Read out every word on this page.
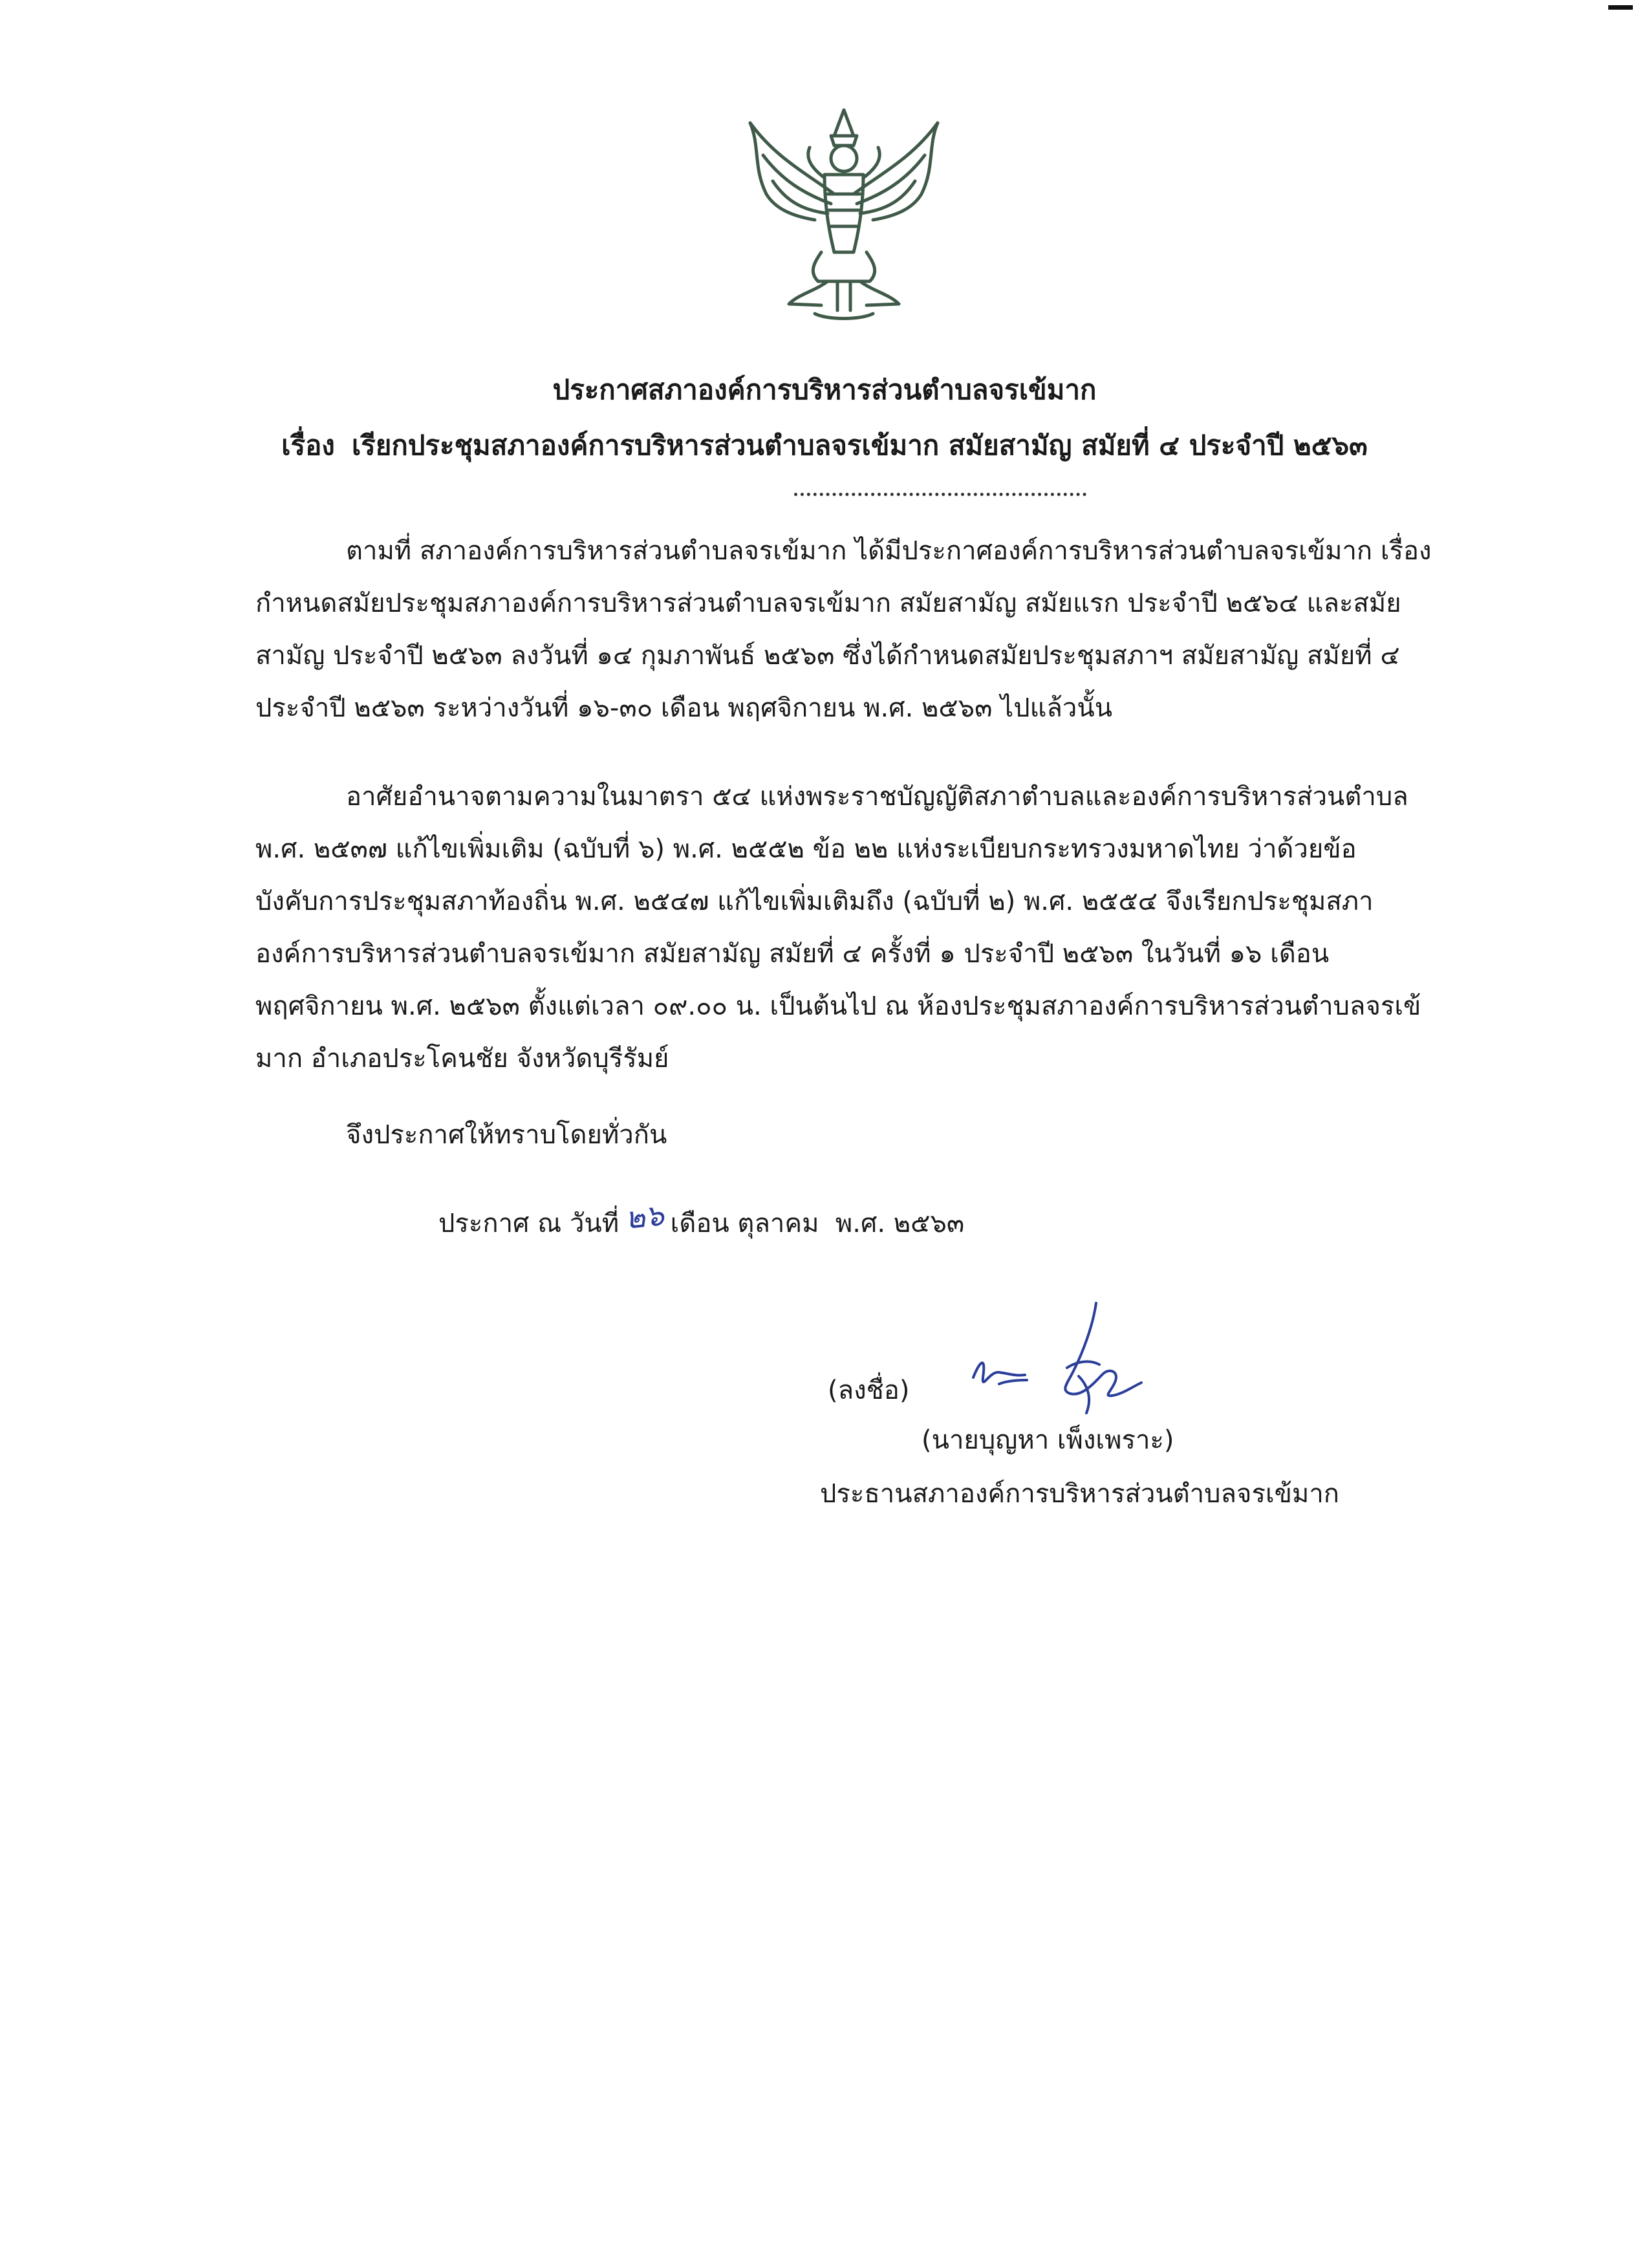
ประกาศสภาองค์การบริหารส่วนตำบลจรเข้มาก
เรื่อง เรียกประชุมสภาองค์การบริหารส่วนตำบลจรเข้มาก สมัยสามัญ สมัยที่ ๔ ประจำปี ๒๕๖๓
ตามที่ สภาองค์การบริหารส่วนตำบลจรเข้มาก ได้มีประกาศองค์การบริหารส่วนตำบลจรเข้มาก เรื่อง กำหนดสมัยประชุมสภาองค์การบริหารส่วนตำบลจรเข้มาก สมัยสามัญ สมัยแรก ประจำปี ๒๕๖๔ และสมัยสามัญ ประจำปี ๒๕๖๓ ลงวันที่ ๑๔ กุมภาพันธ์ ๒๕๖๓ ซึ่งได้กำหนดสมัยประชุมสภาฯ สมัยสามัญ สมัยที่ ๔ ประจำปี ๒๕๖๓ ระหว่างวันที่ ๑๖-๓๐ เดือน พฤศจิกายน พ.ศ. ๒๕๖๓ ไปแล้วนั้น
อาศัยอำนาจตามความในมาตรา ๕๔ แห่งพระราชบัญญัติสภาตำบลและองค์การบริหารส่วนตำบล พ.ศ. ๒๕๓๗ แก้ไขเพิ่มเติม (ฉบับที่ ๖) พ.ศ. ๒๕๕๒ ข้อ ๒๒ แห่งระเบียบกระทรวงมหาดไทย ว่าด้วยข้อบังคับการประชุมสภาท้องถิ่น พ.ศ. ๒๕๔๗ แก้ไขเพิ่มเติมถึง (ฉบับที่ ๒) พ.ศ. ๒๕๕๔ จึงเรียกประชุมสภาองค์การบริหารส่วนตำบลจรเข้มาก สมัยสามัญ สมัยที่ ๔ ครั้งที่ ๑ ประจำปี ๒๕๖๓ ในวันที่ ๑๖ เดือน พฤศจิกายน พ.ศ. ๒๕๖๓ ตั้งแต่เวลา ๐๙.๐๐ น. เป็นต้นไป ณ ห้องประชุมสภาองค์การบริหารส่วนตำบลจรเข้มาก อำเภอประโคนชัย จังหวัดบุรีรัมย์
จึงประกาศให้ทราบโดยทั่วกัน
ประกาศ ณ วันที่ ๒๖ เดือน ตุลาคม  พ.ศ. ๒๕๖๓
(ลงชื่อ)
(นายบุญหา เพ็งเพราะ)
ประธานสภาองค์การบริหารส่วนตำบลจรเข้มาก
